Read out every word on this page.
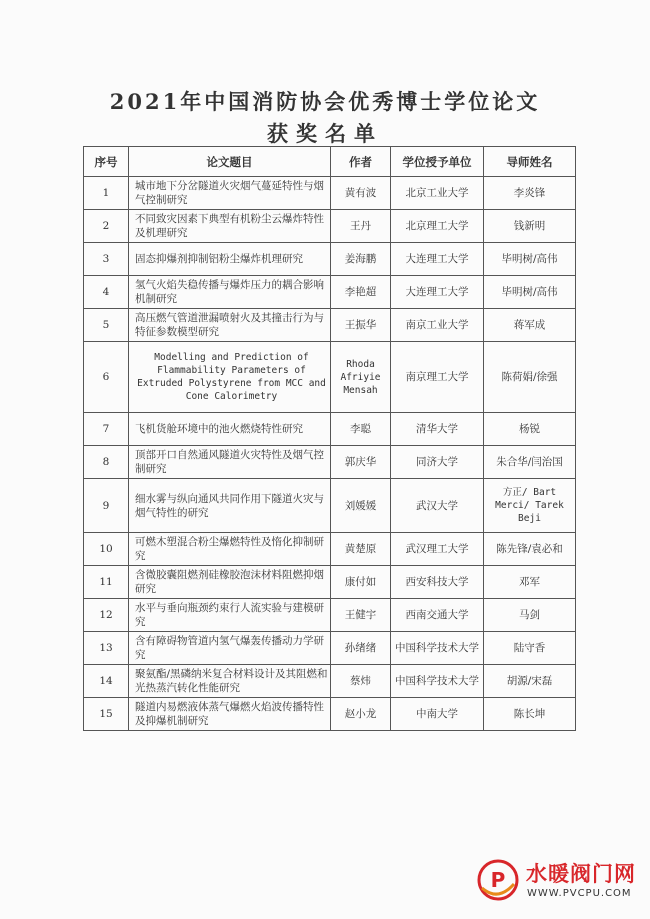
2021年中国消防协会优秀博士学位论文
获奖名单
序号	论文题目	作者	学位授予单位	导师姓名
1	城市地下分岔隧道火灾烟气蔓延特性与烟气控制研究	黄有波	北京工业大学	李炎锋
2	不同致灾因素下典型有机粉尘云爆炸特性及机理研究	王丹	北京理工大学	钱新明
3	固态抑爆剂抑制铝粉尘爆炸机理研究	姜海鹏	大连理工大学	毕明树/高伟
4	氢气火焰失稳传播与爆炸压力的耦合影响机制研究	李艳超	大连理工大学	毕明树/高伟
5	高压燃气管道泄漏喷射火及其撞击行为与特征参数模型研究	王振华	南京工业大学	蒋军成
6	Modelling and Prediction of Flammability Parameters of Extruded Polystyrene from MCC and Cone Calorimetry	Rhoda Afriyie Mensah	南京理工大学	陈荷娟/徐强
7	飞机货舱环境中的池火燃烧特性研究	李聪	清华大学	杨锐
8	顶部开口自然通风隧道火灾特性及烟气控制研究	郭庆华	同济大学	朱合华/闫治国
9	细水雾与纵向通风共同作用下隧道火灾与烟气特性的研究	刘媛媛	武汉大学	方正/ Bart Merci/ Tarek Beji
10	可燃木塑混合粉尘爆燃特性及惰化抑制研究	黄楚原	武汉理工大学	陈先锋/袁必和
11	含微胶囊阻燃剂硅橡胶泡沫材料阻燃抑烟研究	康付如	西安科技大学	邓军
12	水平与垂向瓶颈约束行人流实验与建模研究	王健宇	西南交通大学	马剑
13	含有障碍物管道内氢气爆轰传播动力学研究	孙绪绪	中国科学技术大学	陆守香
14	聚氨酯/黑磷纳米复合材料设计及其阻燃和光热蒸汽转化性能研究	蔡炜	中国科学技术大学	胡源/宋磊
15	隧道内易燃液体蒸气爆燃火焰波传播特性及抑爆机制研究	赵小龙	中南大学	陈长坤
P 水暖阀门网
WWW.PVCPU.COM
